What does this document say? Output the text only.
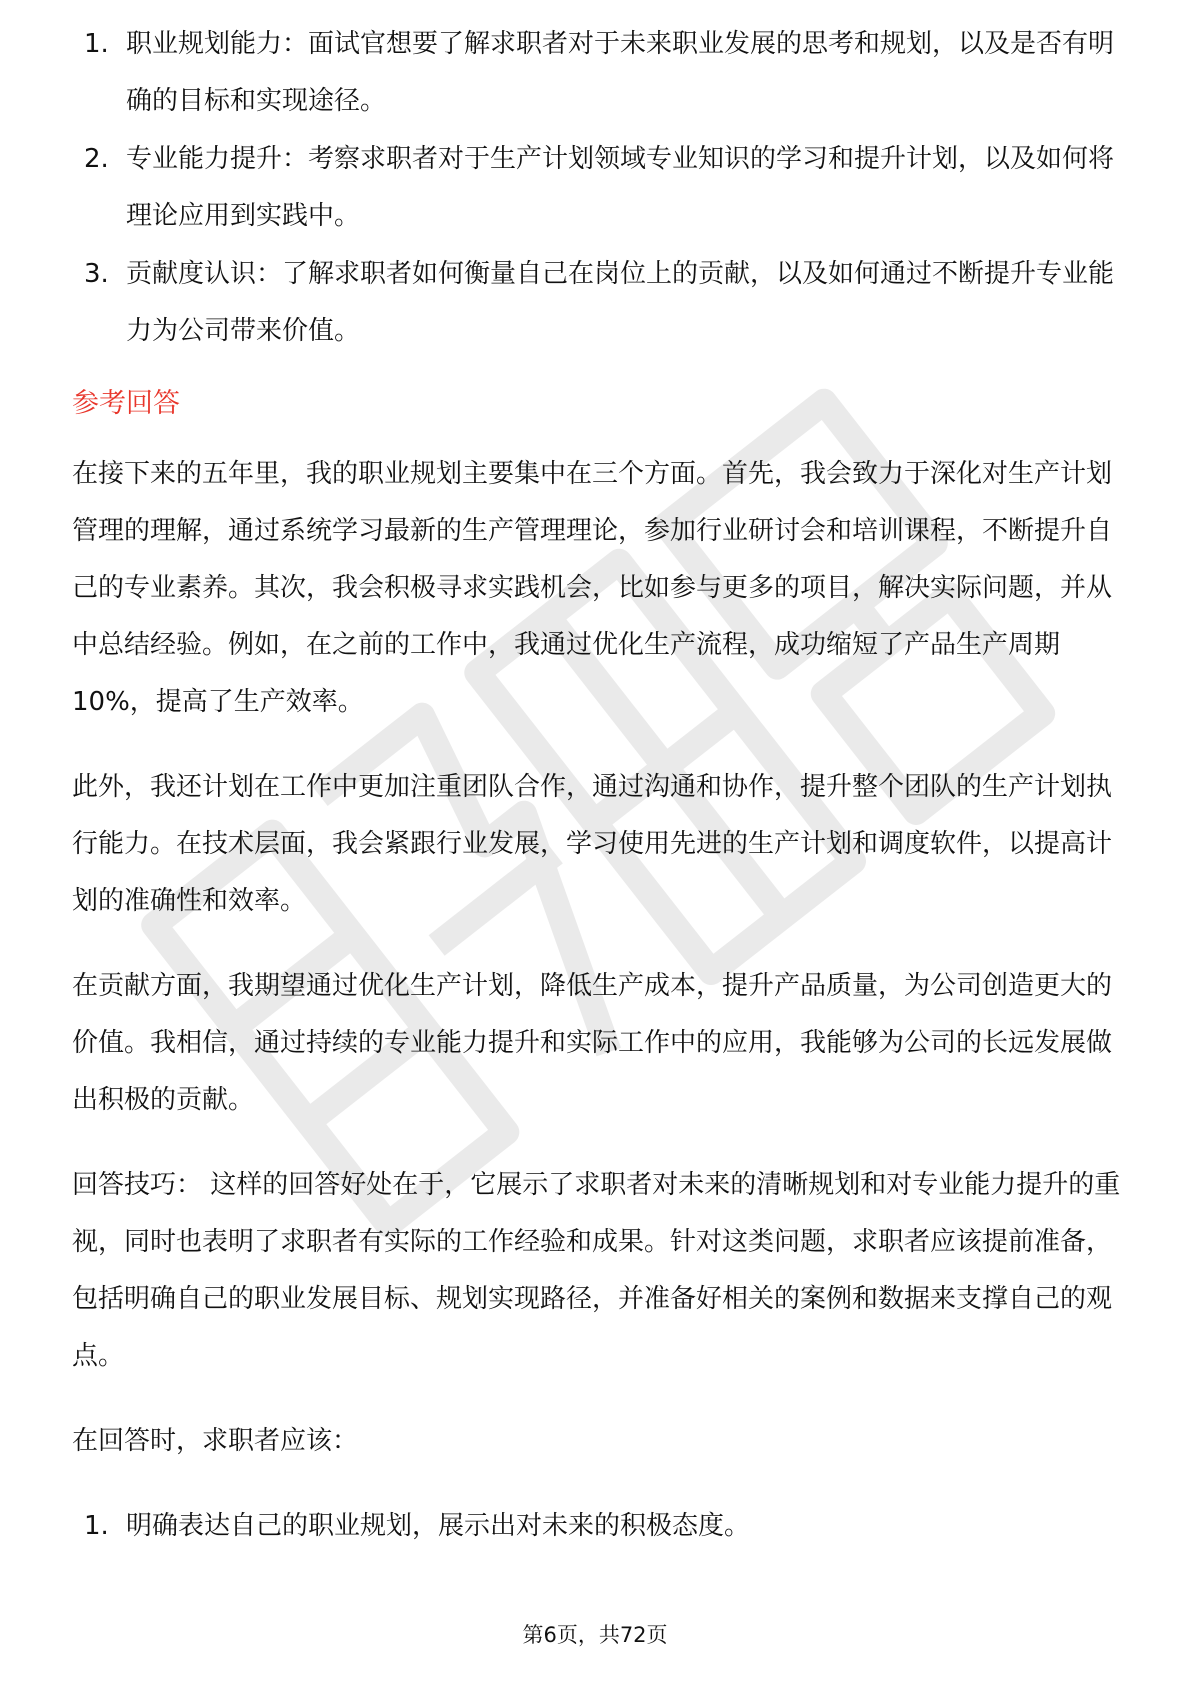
1. 职业规划能力：面试官想要了解求职者对于未来职业发展的思考和规划，以及是否有明确的目标和实现途径。
2. 专业能力提升：考察求职者对于生产计划领域专业知识的学习和提升计划，以及如何将理论应用到实践中。
3. 贡献度认识：了解求职者如何衡量自己在岗位上的贡献，以及如何通过不断提升专业能力为公司带来价值。
参考回答

在接下来的五年里，我的职业规划主要集中在三个方面。首先，我会致力于深化对生产计划管理的理解，通过系统学习最新的生产管理理论，参加行业研讨会和培训课程，不断提升自己的专业素养。其次，我会积极寻求实践机会，比如参与更多的项目，解决实际问题，并从中总结经验。例如，在之前的工作中，我通过优化生产流程，成功缩短了产品生产周期10%，提高了生产效率。

此外，我还计划在工作中更加注重团队合作，通过沟通和协作，提升整个团队的生产计划执行能力。在技术层面，我会紧跟行业发展，学习使用先进的生产计划和调度软件，以提高计划的准确性和效率。

在贡献方面，我期望通过优化生产计划，降低生产成本，提升产品质量，为公司创造更大的价值。我相信，通过持续的专业能力提升和实际工作中的应用，我能够为公司的长远发展做出积极的贡献。

回答技巧： 这样的回答好处在于，它展示了求职者对未来的清晰规划和对专业能力提升的重视，同时也表明了求职者有实际的工作经验和成果。针对这类问题，求职者应该提前准备，包括明确自己的职业发展目标、规划实现路径，并准备好相关的案例和数据来支撑自己的观点。

在回答时，求职者应该：

1. 明确表达自己的职业规划，展示出对未来的积极态度。
第6页，共72页
